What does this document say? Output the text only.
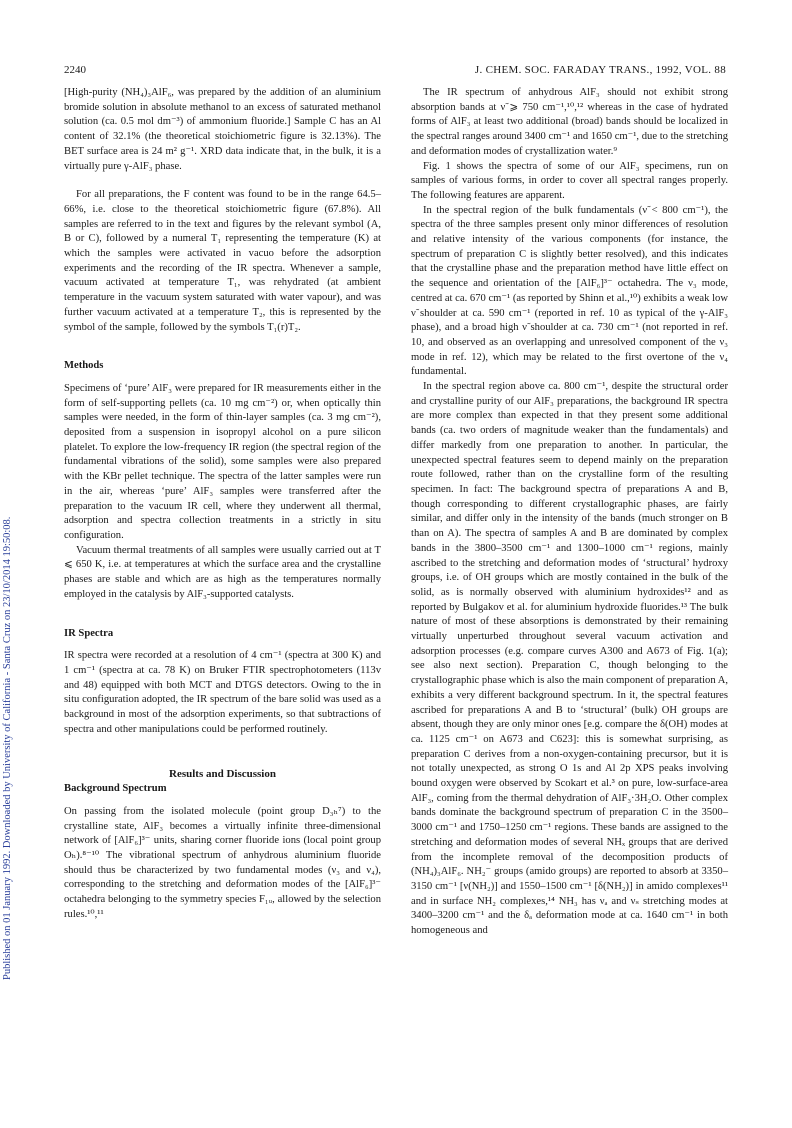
2240	J. CHEM. SOC. FARADAY TRANS., 1992, VOL. 88
Published on 01 January 1992. Downloaded by University of California - Santa Cruz on 23/10/2014 19:50:08.

[High-purity (NH₄)₃AlF₆, was prepared by the addition of an aluminium bromide solution in absolute methanol to an excess of saturated methanol solution (ca. 0.5 mol dm⁻³) of ammonium fluoride.] Sample C has an Al content of 32.1% (the theoretical stoichiometric figure is 32.13%). The BET surface area is 24 m² g⁻¹. XRD data indicate that, in the bulk, it is a virtually pure γ-AlF₃ phase.

For all preparations, the F content was found to be in the range 64.5–66%, i.e. close to the theoretical stoichiometric figure (67.8%). All samples are referred to in the text and figures by the relevant symbol (A, B or C), followed by a numeral T₁ representing the temperature (K) at which the samples were activated in vacuo before the adsorption experiments and the recording of the IR spectra. Whenever a sample, vacuum activated at temperature T₁, was rehydrated (at ambient temperature in the vacuum system saturated with water vapour), and was further vacuum activated at a temperature T₂, this is represented by the symbol of the sample, followed by the symbols T₁(r)T₂.

Methods

Specimens of ‘pure’ AlF₃ were prepared for IR measurements either in the form of self-supporting pellets (ca. 10 mg cm⁻²) or, when optically thin samples were needed, in the form of thin-layer samples (ca. 3 mg cm⁻²), deposited from a suspension in isopropyl alcohol on a pure silicon platelet. To explore the low-frequency IR region (the spectral region of the fundamental vibrations of the solid), some samples were also prepared with the KBr pellet technique. The spectra of the latter samples were run in the air, whereas ‘pure’ AlF₃ samples were transferred after the preparation to the vacuum IR cell, where they underwent all thermal, adsorption and spectra collection treatments in a strictly in situ configuration.

Vacuum thermal treatments of all samples were usually carried out at T ⩽ 650 K, i.e. at temperatures at which the surface area and the crystalline phases are stable and which are as high as the temperatures normally employed in the catalysis by AlF₃-supported catalysts.

IR Spectra

IR spectra were recorded at a resolution of 4 cm⁻¹ (spectra at 300 K) and 1 cm⁻¹ (spectra at ca. 78 K) on Bruker FTIR spectrophotometers (113v and 48) equipped with both MCT and DTGS detectors. Owing to the in situ configuration adopted, the IR spectrum of the bare solid was used as a background in most of the adsorption experiments, so that subtractions of spectra and other manipulations could be performed routinely.

Results and Discussion
Background Spectrum

On passing from the isolated molecule (point group D₃ₕ⁷) to the crystalline state, AlF₃ becomes a virtually infinite three-dimensional network of [AlF₆]³⁻ units, sharing corner fluoride ions (local point group Oₕ).⁸⁻¹⁰ The vibrational spectrum of anhydrous aluminium fluoride should thus be characterized by two fundamental modes (ν₃ and ν₄), corresponding to the stretching and deformation modes of the [AlF₆]³⁻ octahedra belonging to the symmetry species F₁ᵤ, allowed by the selection rules.¹⁰,¹¹

The IR spectrum of anhydrous AlF₃ should not exhibit strong absorption bands at ν̃ ⩾ 750 cm⁻¹,¹⁰,¹² whereas in the case of hydrated forms of AlF₃ at least two additional (broad) bands should be localized in the spectral ranges around 3400 cm⁻¹ and 1650 cm⁻¹, due to the stretching and deformation modes of crystallization water.⁹

Fig. 1 shows the spectra of some of our AlF₃ specimens, run on samples of various forms, in order to cover all spectral ranges properly. The following features are apparent.

In the spectral region of the bulk fundamentals (ν̃ < 800 cm⁻¹), the spectra of the three samples present only minor differences of resolution and relative intensity of the various components (for instance, the spectrum of preparation C is slightly better resolved), and this indicates that the crystalline phase and the preparation method have little effect on the sequence and orientation of the [AlF₆]³⁻ octahedra. The ν₃ mode, centred at ca. 670 cm⁻¹ (as reported by Shinn et al.,¹⁰) exhibits a weak low ν̃ shoulder at ca. 590 cm⁻¹ (reported in ref. 10 as typical of the γ-AlF₃ phase), and a broad high ν̃ shoulder at ca. 730 cm⁻¹ (not reported in ref. 10, and observed as an overlapping and unresolved component of the ν₃ mode in ref. 12), which may be related to the first overtone of the ν₄ fundamental.

In the spectral region above ca. 800 cm⁻¹, despite the structural order and crystalline purity of our AlF₃ preparations, the background IR spectra are more complex than expected in that they present some additional bands (ca. two orders of magnitude weaker than the fundamentals) and differ markedly from one preparation to another. In particular, the unexpected spectral features seem to depend mainly on the preparation route followed, rather than on the crystalline form of the resulting specimen. In fact: The background spectra of preparations A and B, though corresponding to different crystallographic phases, are fairly similar, and differ only in the intensity of the bands (much stronger on B than on A). The spectra of samples A and B are dominated by complex bands in the 3800–3500 cm⁻¹ and 1300–1000 cm⁻¹ regions, mainly ascribed to the stretching and deformation modes of ‘structural’ hydroxy groups, i.e. of OH groups which are mostly contained in the bulk of the solid, as is normally observed with aluminium hydroxides¹² and as reported by Bulgakov et al. for aluminium hydroxide fluorides.¹³ The bulk nature of most of these absorptions is demonstrated by their remaining virtually unperturbed throughout several vacuum activation and adsorption processes (e.g. compare curves A300 and A673 of Fig. 1(a); see also next section). Preparation C, though belonging to the crystallographic phase which is also the main component of preparation A, exhibits a very different background spectrum. In it, the spectral features ascribed for preparations A and B to ‘structural’ (bulk) OH groups are absent, though they are only minor ones [e.g. compare the δ(OH) modes at ca. 1125 cm⁻¹ on A673 and C623]: this is somewhat surprising, as preparation C derives from a non-oxygen-containing precursor, but it is not totally unexpected, as strong O 1s and Al 2p XPS peaks involving bound oxygen were observed by Scokart et al.³ on pure, low-surface-area AlF₃, coming from the thermal dehydration of AlF₃·3H₂O. Other complex bands dominate the background spectrum of preparation C in the 3500–3000 cm⁻¹ and 1750–1250 cm⁻¹ regions. These bands are assigned to the stretching and deformation modes of several NHₓ groups that are derived from the incomplete removal of the decomposition products of (NH₄)₃AlF₆. NH₂⁻ groups (amido groups) are reported to absorb at 3350–3150 cm⁻¹ [ν(NH₂)] and 1550–1500 cm⁻¹ [δ(NH₂)] in amido complexes¹¹ and in surface NH₂ complexes,¹⁴ NH₃ has νₐ and νₛ stretching modes at 3400–3200 cm⁻¹ and the δₐ deformation mode at ca. 1640 cm⁻¹ in both homogeneous and
